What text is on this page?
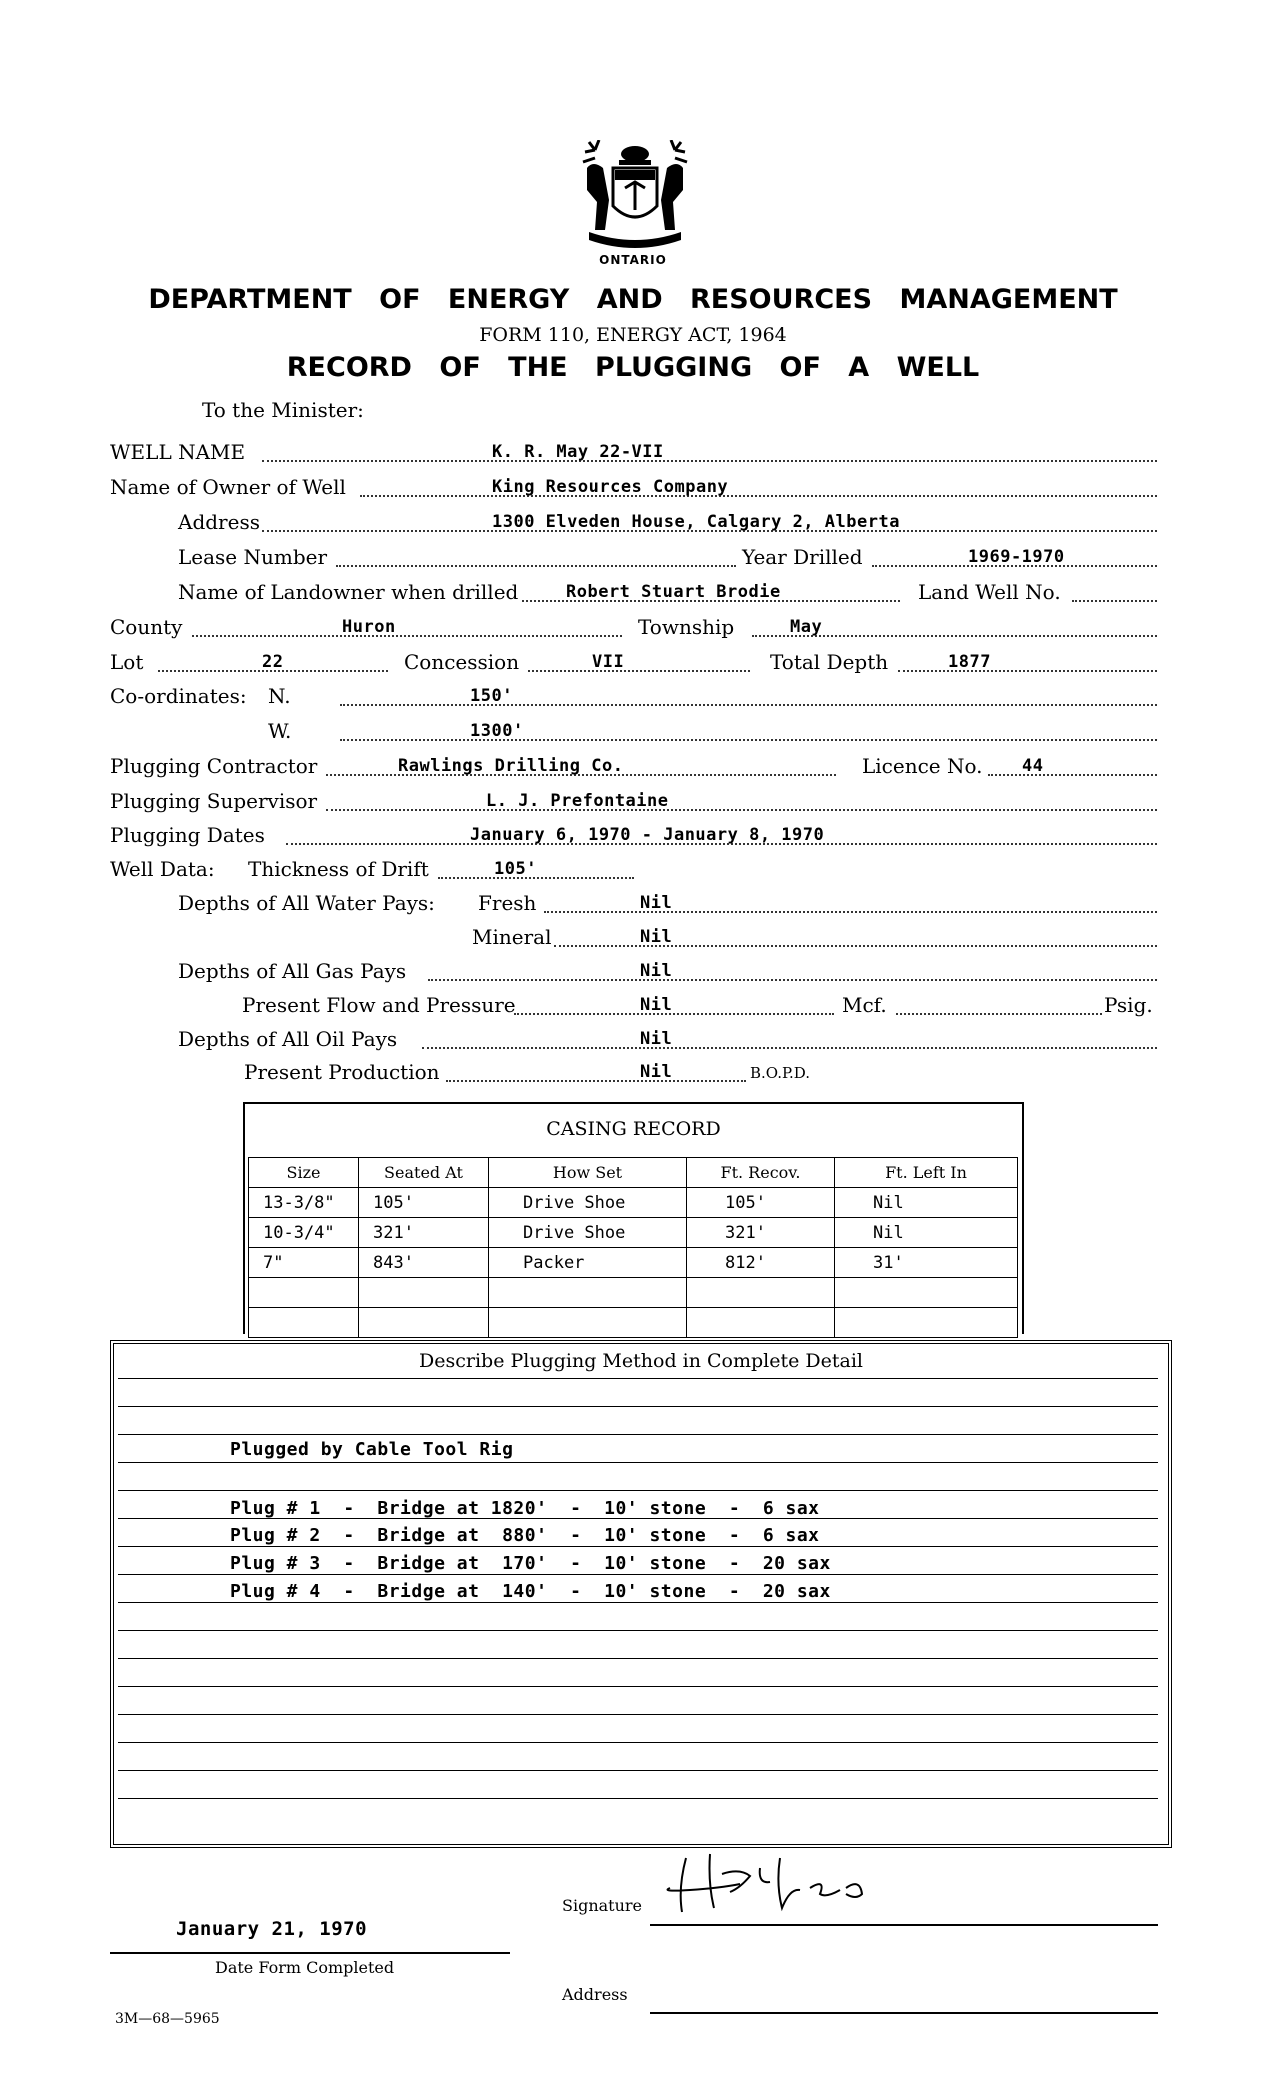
ONTARIO
DEPARTMENT OF ENERGY AND RESOURCES MANAGEMENT
FORM 110, ENERGY ACT, 1964
RECORD OF THE PLUGGING OF A WELL
To the Minister:
WELL NAME	K. R. May 22-VII
Name of Owner of Well	King Resources Company
Address	1300 Elveden House, Calgary 2, Alberta
Lease Number	Year Drilled	1969-1970
Name of Landowner when drilled	Robert Stuart Brodie	Land Well No.
County	Huron	Township	May
Lot	22	Concession	VII	Total Depth	1877
Co-ordinates: N.	150'
W.	1300'
Plugging Contractor	Rawlings Drilling Co.	Licence No. 44
Plugging Supervisor	L. J. Prefontaine
Plugging Dates	January 6, 1970 - January 8, 1970
Well Data: Thickness of Drift	105'
Depths of All Water Pays: Fresh	Nil
Mineral	Nil
Depths of All Gas Pays	Nil
Present Flow and Pressure	Nil	Mcf.	Psig.
Depths of All Oil Pays	Nil
Present Production	Nil	B.O.P.D.
CASING RECORD
Size	Seated At	How Set	Ft. Recov.	Ft. Left In
13-3/8"	105'	Drive Shoe	105'	Nil
10-3/4"	321'	Drive Shoe	321'	Nil
7"	843'	Packer	812'	31'

Describe Plugging Method in Complete Detail
Plugged by Cable Tool Rig
Plug # 1  -  Bridge at 1820'  -  10' stone  -  6 sax
Plug # 2  -  Bridge at  880'  -  10' stone  -  6 sax
Plug # 3  -  Bridge at  170'  -  10' stone  -  20 sax
Plug # 4  -  Bridge at  140'  -  10' stone  -  20 sax
January 21, 1970
Date Form Completed
Signature
Address
3M—68—5965
